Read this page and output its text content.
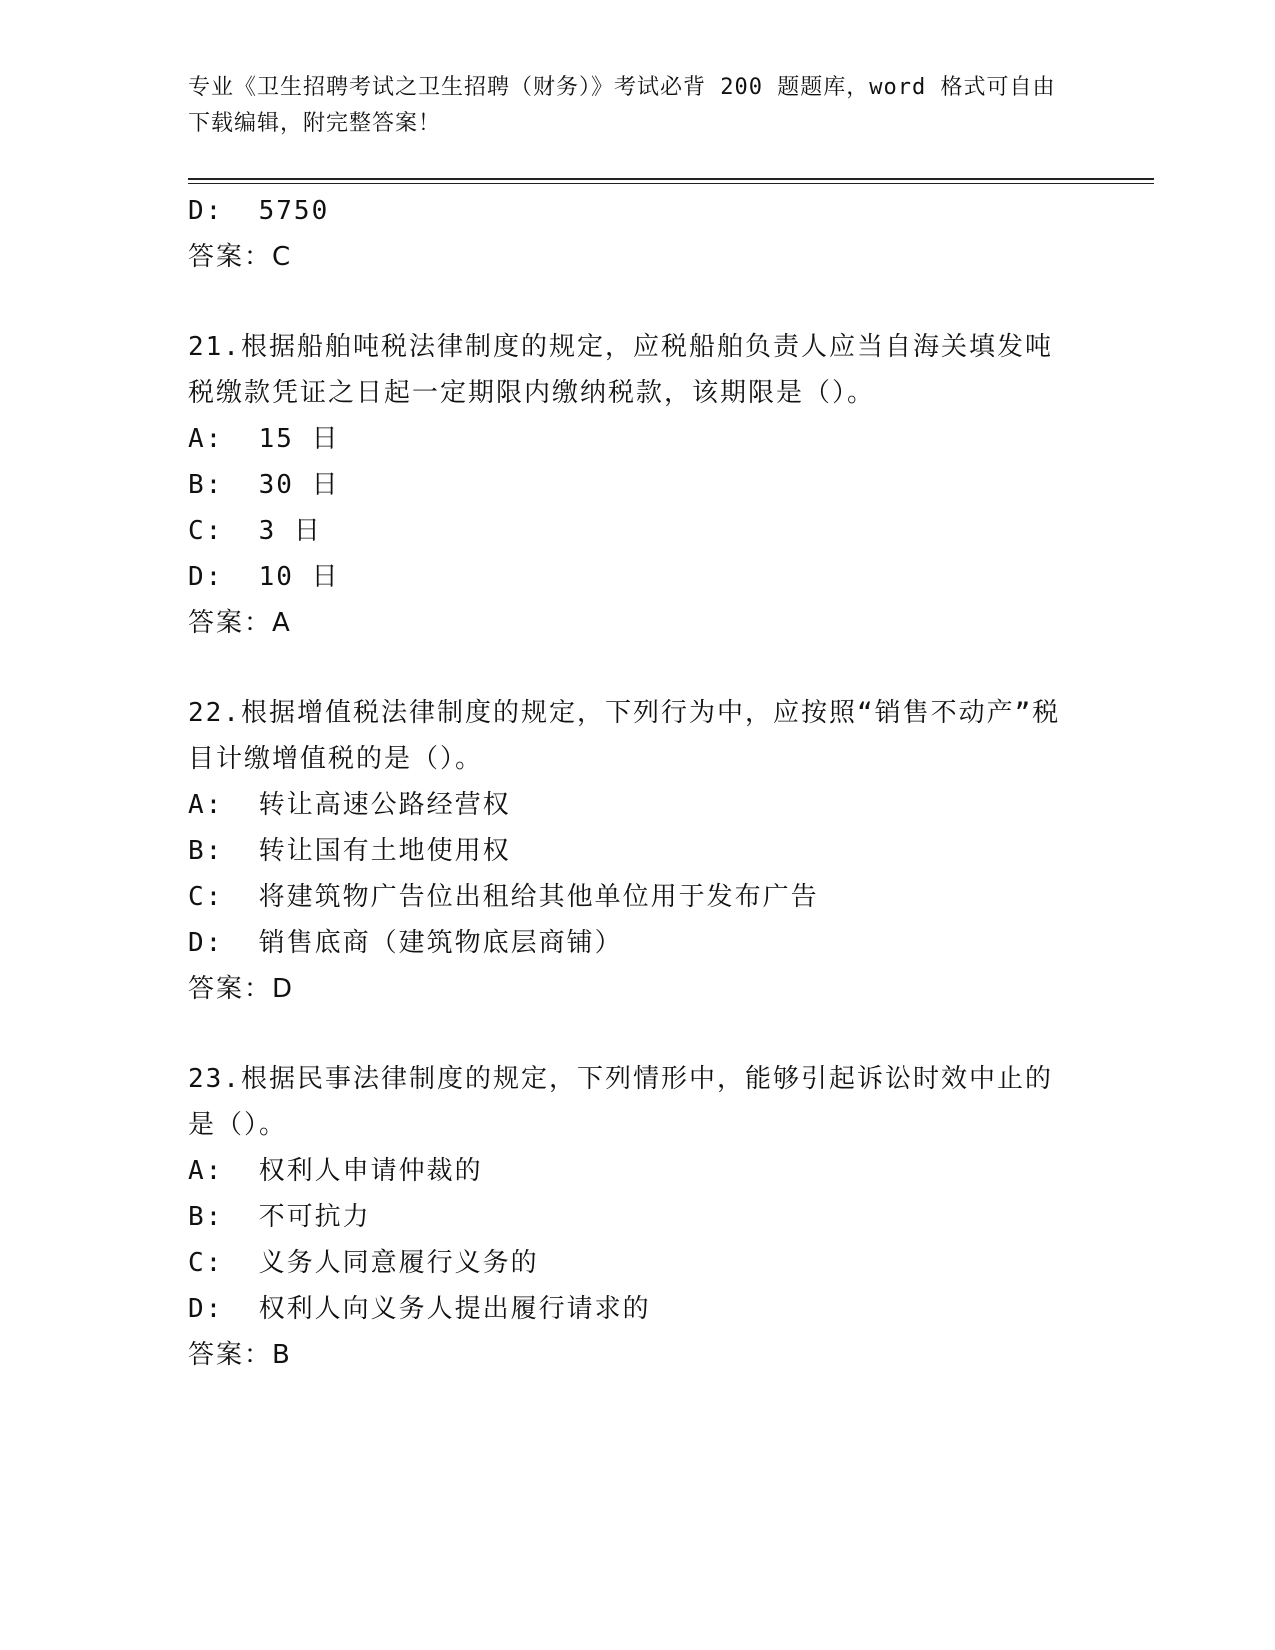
专业《卫生招聘考试之卫生招聘（财务）》考试必背 200 题题库，word 格式可自由下载编辑，附完整答案！
D:  5750
答案：C
21.根据船舶吨税法律制度的规定，应税船舶负责人应当自海关填发吨税缴款凭证之日起一定期限内缴纳税款，该期限是（）。
A:  15 日
B:  30 日
C:  3 日
D:  10 日
答案：A
22.根据增值税法律制度的规定，下列行为中，应按照“销售不动产”税目计缴增值税的是（）。
A:  转让高速公路经营权
B:  转让国有土地使用权
C:  将建筑物广告位出租给其他单位用于发布广告
D:  销售底商（建筑物底层商铺）
答案：D
23.根据民事法律制度的规定，下列情形中，能够引起诉讼时效中止的是（）。
A:  权利人申请仲裁的
B:  不可抗力
C:  义务人同意履行义务的
D:  权利人向义务人提出履行请求的
答案：B
